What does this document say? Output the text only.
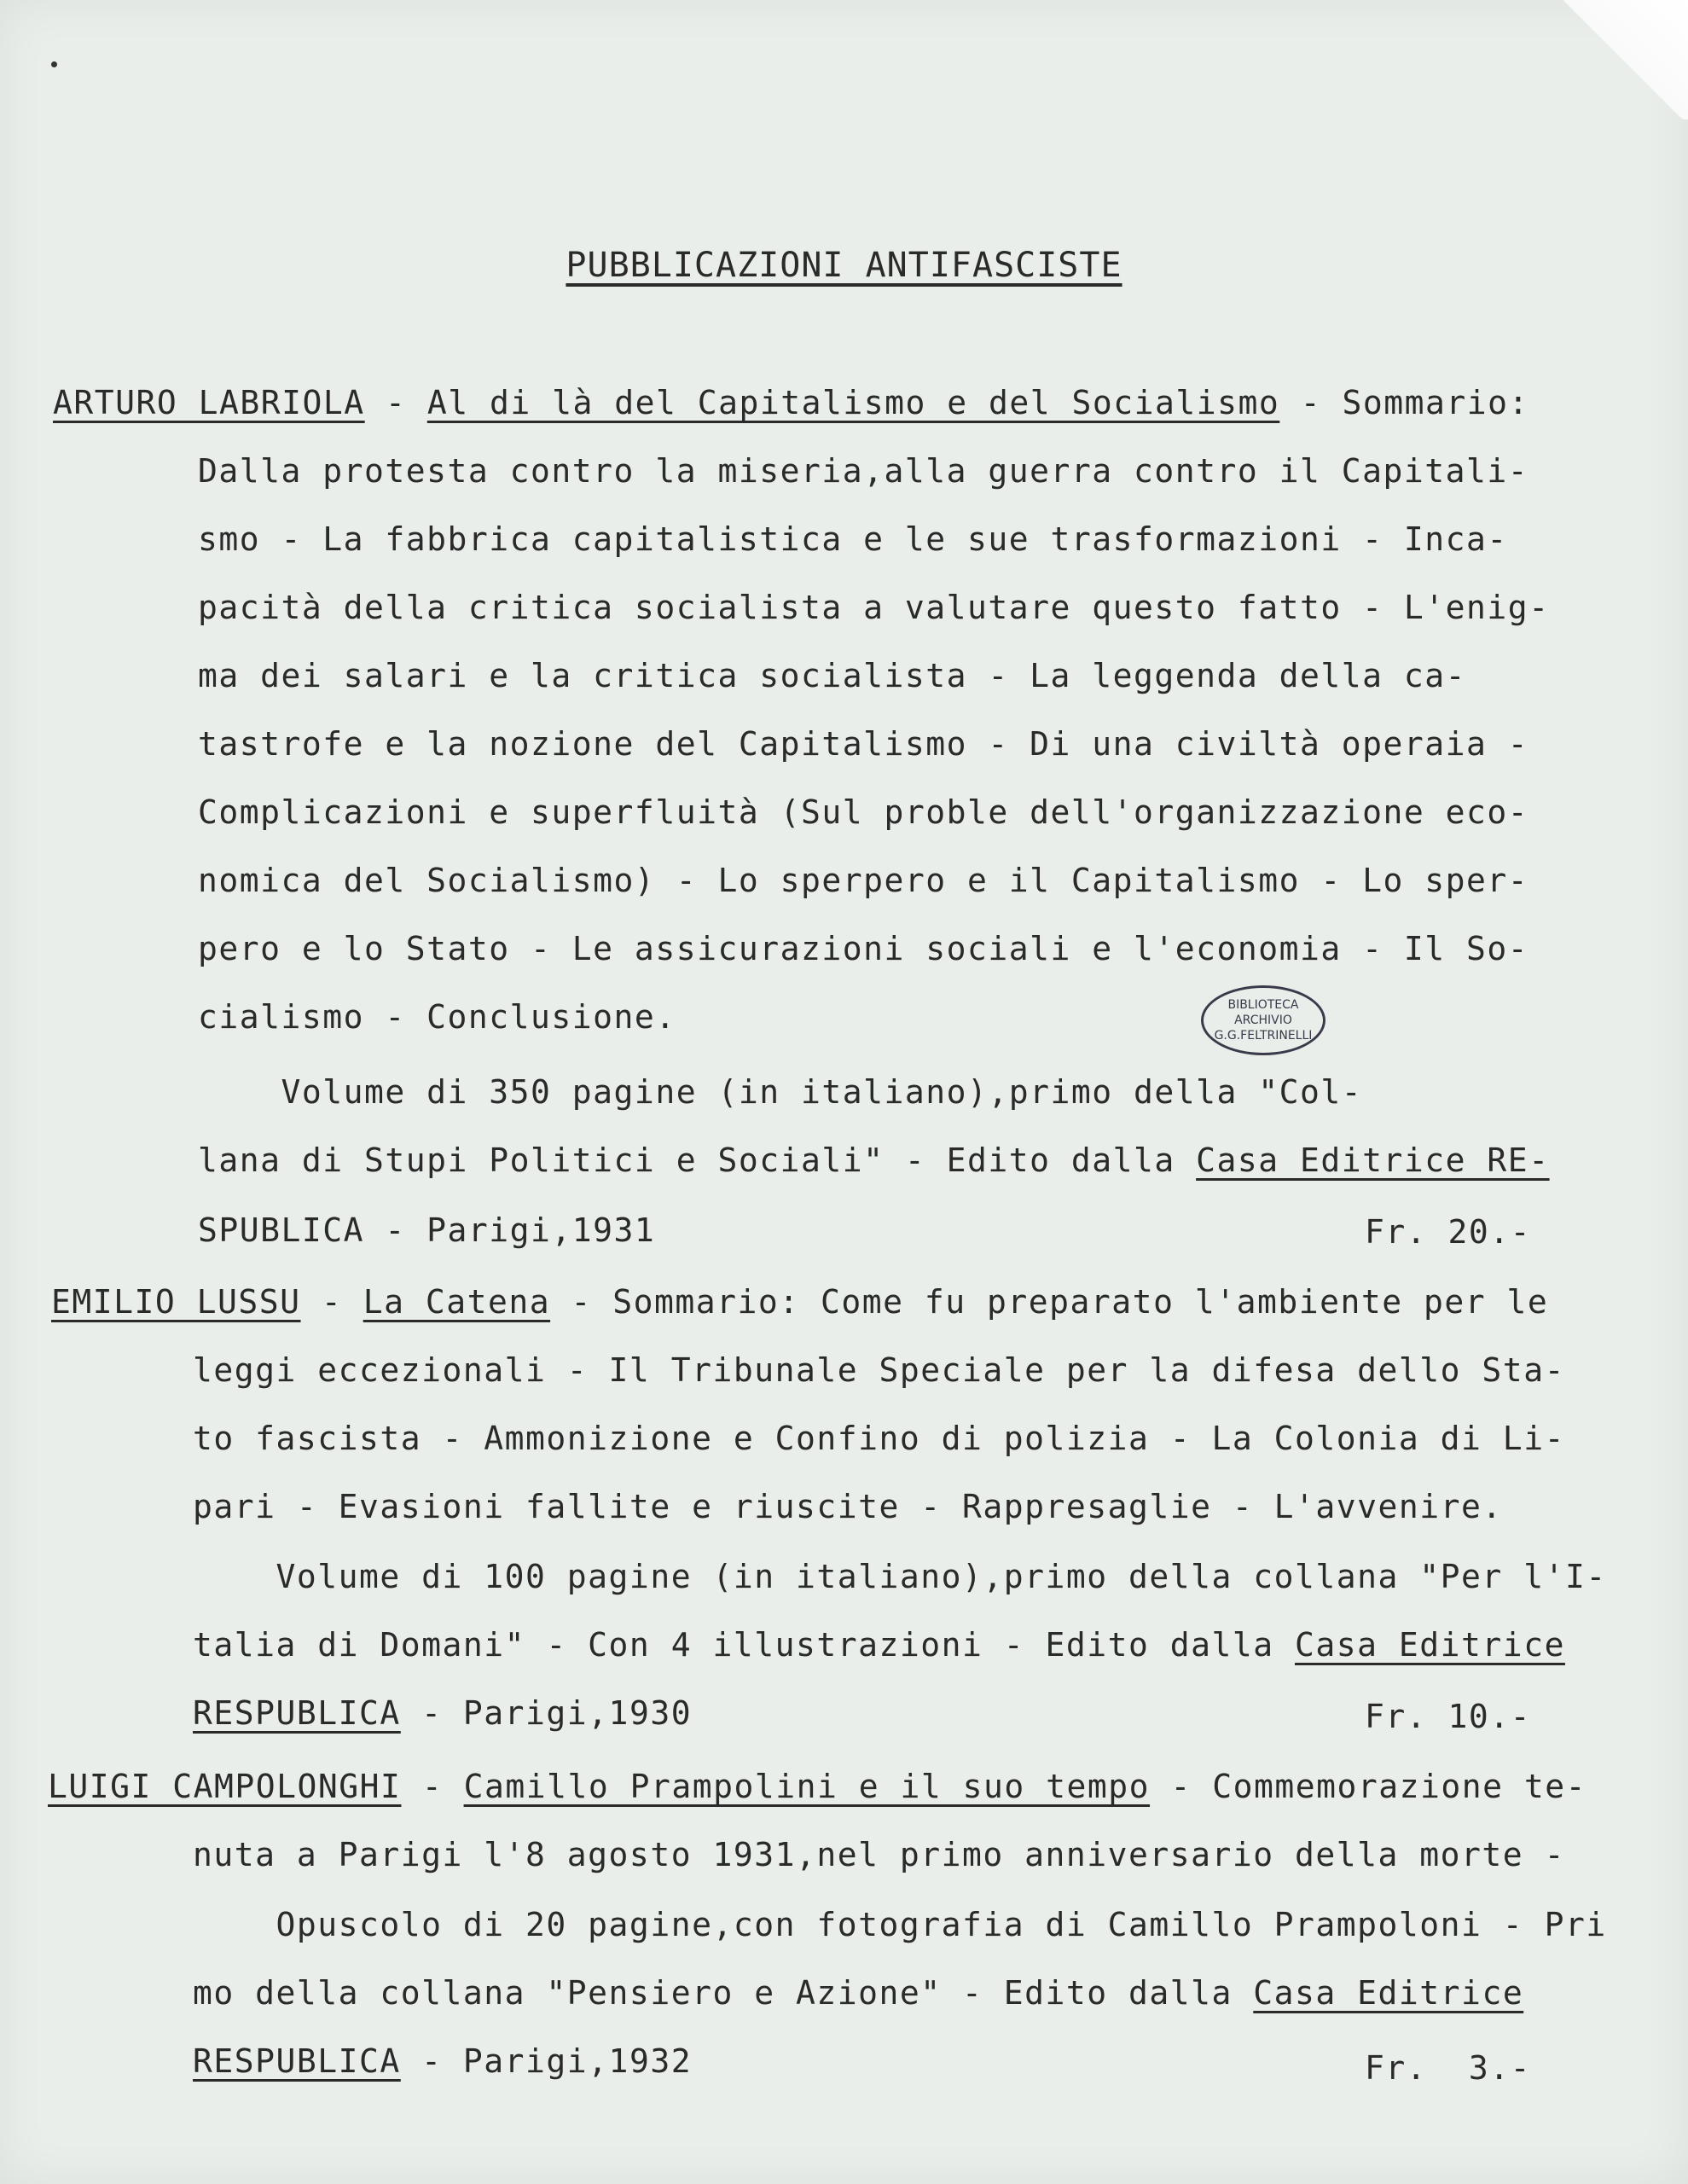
PUBBLICAZIONI ANTIFASCISTE
ARTURO LABRIOLA - Al di là del Capitalismo e del Socialismo - Sommario:
Dalla protesta contro la miseria,alla guerra contro il Capitali-
smo - La fabbrica capitalistica e le sue trasformazioni - Inca-
pacità della critica socialista a valutare questo fatto - L'enig-
ma dei salari e la critica socialista - La leggenda della ca-
tastrofe e la nozione del Capitalismo - Di una civiltà operaia -
Complicazioni e superfluità (Sul proble dell'organizzazione eco-
nomica del Socialismo) - Lo sperpero e il Capitalismo - Lo sper-
pero e lo Stato - Le assicurazioni sociali e l'economia - Il So-
cialismo - Conclusione.
Volume di 350 pagine (in italiano),primo della "Col-
lana di Stupi Politici e Sociali" - Edito dalla Casa Editrice RE-
SPUBLICA - Parigi,1931	Fr. 20.-
BIBLIOTECA
ARCHIVIO
G.G.FELTRINELLI
EMILIO LUSSU - La Catena - Sommario: Come fu preparato l'ambiente per le
leggi eccezionali - Il Tribunale Speciale per la difesa dello Sta-
to fascista - Ammonizione e Confino di polizia - La Colonia di Li-
pari - Evasioni fallite e riuscite - Rappresaglie - L'avvenire.
Volume di 100 pagine (in italiano),primo della collana "Per l'I-
talia di Domani" - Con 4 illustrazioni - Edito dalla Casa Editrice
RESPUBLICA - Parigi,1930	Fr. 10.-
LUIGI CAMPOLONGHI - Camillo Prampolini e il suo tempo - Commemorazione te-
nuta a Parigi l'8 agosto 1931,nel primo anniversario della morte -
Opuscolo di 20 pagine,con fotografia di Camillo Prampoloni - Pri
mo della collana "Pensiero e Azione" - Edito dalla Casa Editrice
RESPUBLICA - Parigi,1932	Fr.  3.-
